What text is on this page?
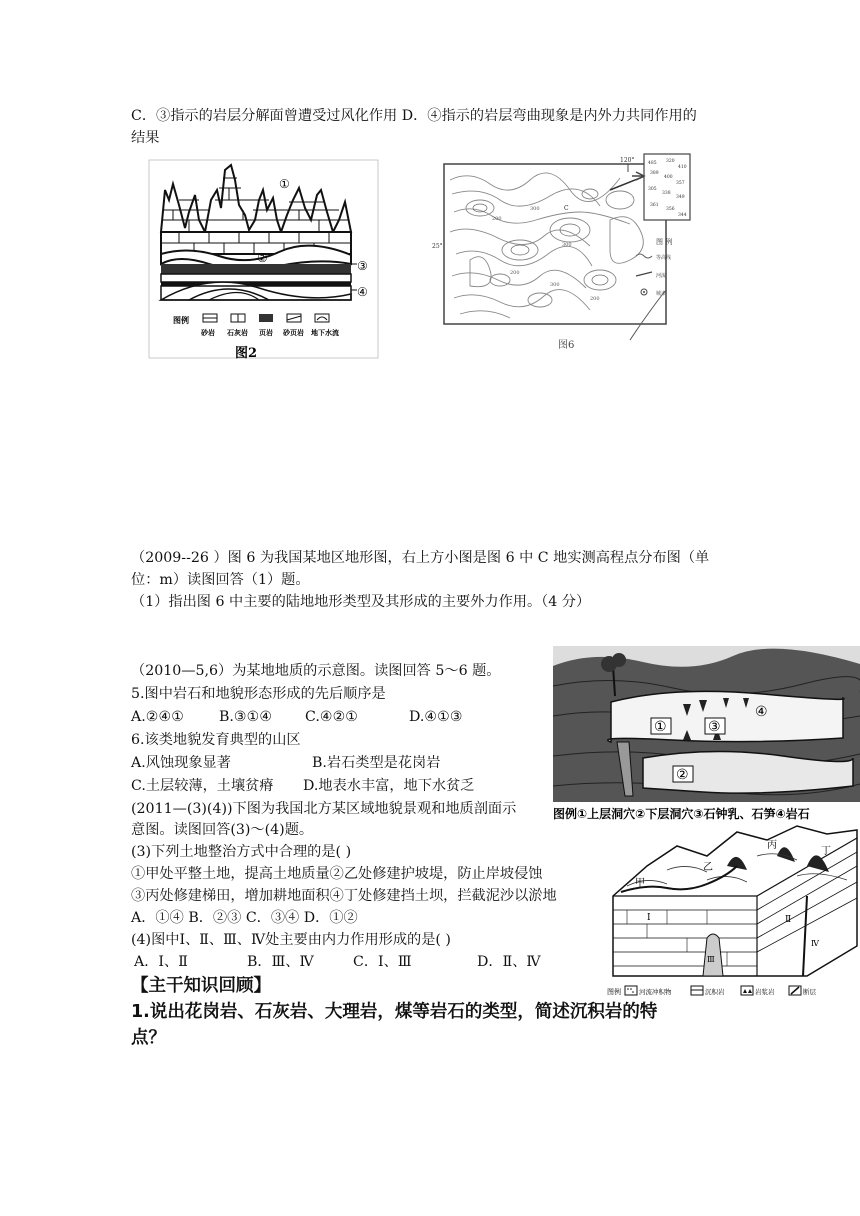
C．③指示的岩层分解面曾遭受过风化作用 D．④指示的岩层弯曲现象是内外力共同作用的
结果
①
②
③
④
图例
砂岩 石灰岩 页岩 砂页岩 地下水流
图2
485 320
410
389
400
357
305
338
349
361
356
344
200
300
300
200
300
200
120°
25°
C
图 例
等高线
河流
城市
图6
（2009--26 ）图 6 为我国某地区地形图，右上方小图是图 6 中 C 地实测高程点分布图（单
位：m）读图回答（1）题。
（1）指出图 6 中主要的陆地地形类型及其形成的主要外力作用。（4 分）
（2010—5,6）为某地地质的示意图。读图回答 5～6 题。
5.图中岩石和地貌形态形成的先后顺序是
A.②④① B.③①④ C.④②①	D.④①③
6.该类地貌发育典型的山区
A.风蚀现象显著	B.岩石类型是花岗岩
C.土层较薄，土壤贫瘠 D.地表水丰富，地下水贫乏
①
②
③
④
图例①上层洞穴②下层洞穴③石钟乳、石笋④岩石
(2011—(3)(4))下图为我国北方某区域地貌景观和地质剖面示
意图。读图回答(3)～(4)题。
(3)下列土地整治方式中合理的是( )
①甲处平整土地，提高土地质量②乙处修建护坡堤，防止岸坡侵蚀
③丙处修建梯田，增加耕地面积④丁处修建挡土坝，拦截泥沙以淤地
A．①④ B．②③ C．③④ D．①②
(4)图中Ⅰ、Ⅱ、Ⅲ、Ⅳ处主要由内力作用形成的是( )
A．Ⅰ、Ⅱ	B．Ⅲ、Ⅳ	C．Ⅰ、Ⅲ	D．Ⅱ、Ⅳ
甲
乙
丙
丁
Ⅰ	Ⅱ
Ⅲ
Ⅳ
图例	河流冲积物	沉积岩	岩浆岩	断层
【主干知识回顾】
1.说出花岗岩、石灰岩、大理岩，煤等岩石的类型，简述沉积岩的特
点？
